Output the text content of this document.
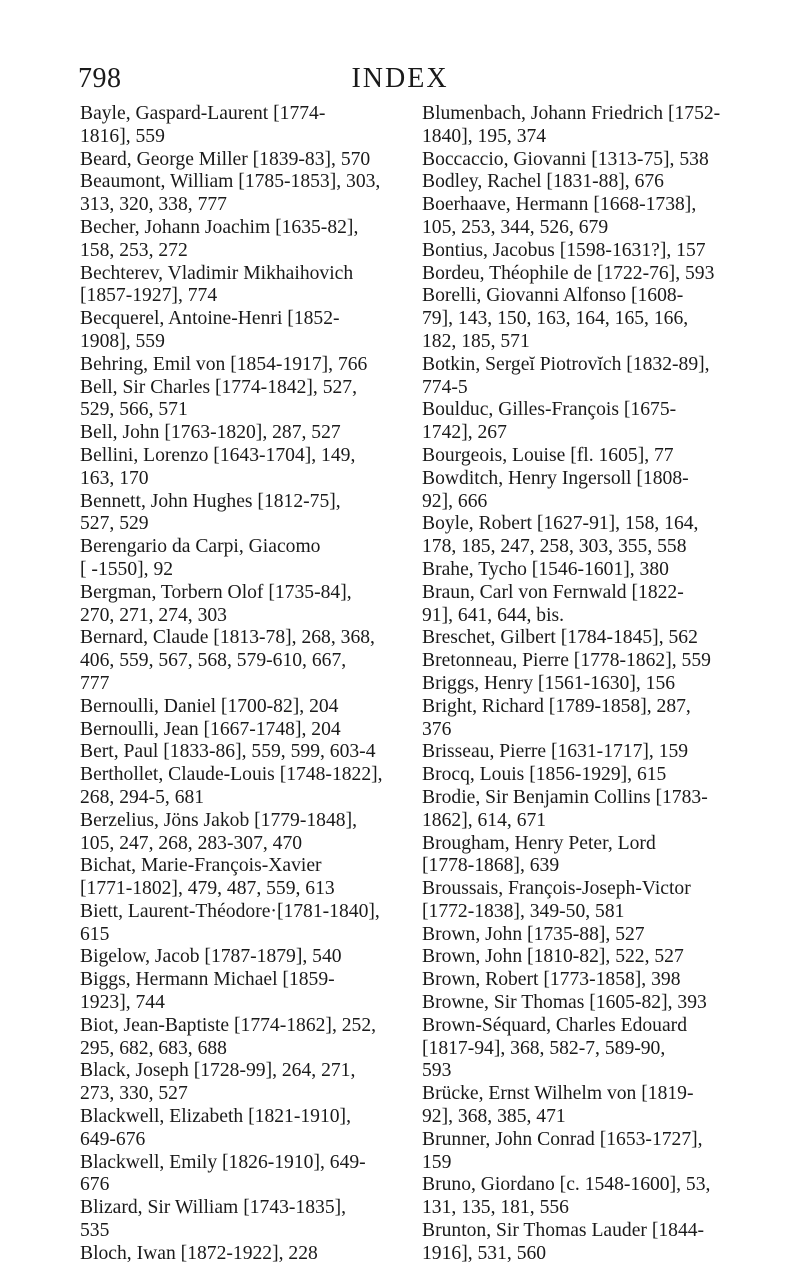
798	INDEX
Bayle, Gaspard-Laurent [1774-
1816], 559
Beard, George Miller [1839-83], 570
Beaumont, William [1785-1853], 303,
313, 320, 338, 777
Becher, Johann Joachim [1635-82],
158, 253, 272
Bechterev, Vladimir Mikhaihovich
[1857-1927], 774
Becquerel, Antoine-Henri [1852-
1908], 559
Behring, Emil von [1854-1917], 766
Bell, Sir Charles [1774-1842], 527,
529, 566, 571
Bell, John [1763-1820], 287, 527
Bellini, Lorenzo [1643-1704], 149,
163, 170
Bennett, John Hughes [1812-75],
527, 529
Berengario da Carpi, Giacomo
[ -1550], 92
Bergman, Torbern Olof [1735-84],
270, 271, 274, 303
Bernard, Claude [1813-78], 268, 368,
406, 559, 567, 568, 579-610, 667,
777
Bernoulli, Daniel [1700-82], 204
Bernoulli, Jean [1667-1748], 204
Bert, Paul [1833-86], 559, 599, 603-4
Berthollet, Claude-Louis [1748-1822],
268, 294-5, 681
Berzelius, Jöns Jakob [1779-1848],
105, 247, 268, 283-307, 470
Bichat, Marie-François-Xavier
[1771-1802], 479, 487, 559, 613
Biett, Laurent-Théodore·[1781-1840],
615
Bigelow, Jacob [1787-1879], 540
Biggs, Hermann Michael [1859-
1923], 744
Biot, Jean-Baptiste [1774-1862], 252,
295, 682, 683, 688
Black, Joseph [1728-99], 264, 271,
273, 330, 527
Blackwell, Elizabeth [1821-1910],
649-676
Blackwell, Emily [1826-1910], 649-
676
Blizard, Sir William [1743-1835],
535
Bloch, Iwan [1872-1922], 228
Blumenbach, Johann Friedrich [1752-
1840], 195, 374
Boccaccio, Giovanni [1313-75], 538
Bodley, Rachel [1831-88], 676
Boerhaave, Hermann [1668-1738],
105, 253, 344, 526, 679
Bontius, Jacobus [1598-1631?], 157
Bordeu, Théophile de [1722-76], 593
Borelli, Giovanni Alfonso [1608-
79], 143, 150, 163, 164, 165, 166,
182, 185, 571
Botkin, Sergeĭ Piotrovĭch [1832-89],
774-5
Boulduc, Gilles-François [1675-
1742], 267
Bourgeois, Louise [fl. 1605], 77
Bowditch, Henry Ingersoll [1808-
92], 666
Boyle, Robert [1627-91], 158, 164,
178, 185, 247, 258, 303, 355, 558
Brahe, Tycho [1546-1601], 380
Braun, Carl von Fernwald [1822-
91], 641, 644, bis.
Breschet, Gilbert [1784-1845], 562
Bretonneau, Pierre [1778-1862], 559
Briggs, Henry [1561-1630], 156
Bright, Richard [1789-1858], 287,
376
Brisseau, Pierre [1631-1717], 159
Brocq, Louis [1856-1929], 615
Brodie, Sir Benjamin Collins [1783-
1862], 614, 671
Brougham, Henry Peter, Lord
[1778-1868], 639
Broussais, François-Joseph-Victor
[1772-1838], 349-50, 581
Brown, John [1735-88], 527
Brown, John [1810-82], 522, 527
Brown, Robert [1773-1858], 398
Browne, Sir Thomas [1605-82], 393
Brown-Séquard, Charles Edouard
[1817-94], 368, 582-7, 589-90,
593
Brücke, Ernst Wilhelm von [1819-
92], 368, 385, 471
Brunner, John Conrad [1653-1727],
159
Bruno, Giordano [c. 1548-1600], 53,
131, 135, 181, 556
Brunton, Sir Thomas Lauder [1844-
1916], 531, 560
